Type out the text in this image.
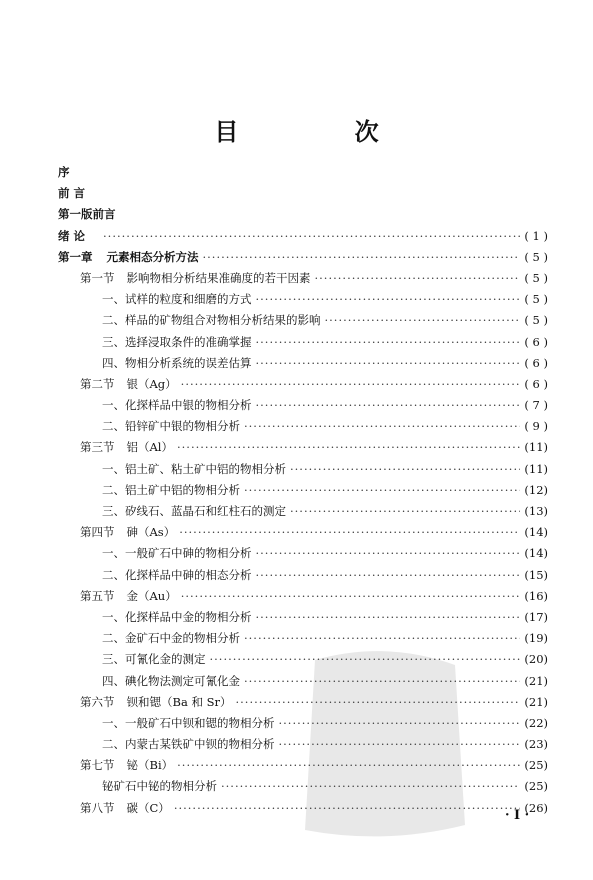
目 次
序
前 言
第一版前言
绪 论 ·····	( 1 )
第一章 元素相态分析方法 ·····	( 5 )
第一节 影响物相分析结果准确度的若干因素 ·····	( 5 )
一、试样的粒度和细磨的方式 ·····	( 5 )
二、样品的矿物组合对物相分析结果的影响 ·····	( 5 )
三、选择浸取条件的准确掌握 ·····	( 6 )
四、物相分析系统的误差估算 ·····	( 6 )
第二节 银（Ag） ·····	( 6 )
一、化探样品中银的物相分析 ·····	( 7 )
二、铅锌矿中银的物相分析 ·····	( 9 )
第三节 铝（Al） ·····	(11)
一、铝土矿、粘土矿中铝的物相分析 ·····	(11)
二、铝土矿中铝的物相分析 ·····	(12)
三、矽线石、蓝晶石和红柱石的测定 ·····	(13)
第四节 砷（As） ·····	(14)
一、一般矿石中砷的物相分析 ·····	(14)
二、化探样品中砷的相态分析 ·····	(15)
第五节 金（Au） ·····	(16)
一、化探样品中金的物相分析 ·····	(17)
二、金矿石中金的物相分析 ·····	(19)
三、可氰化金的测定 ·····	(20)
四、碘化物法测定可氰化金 ·····	(21)
第六节 钡和锶（Ba 和 Sr） ·····	(21)
一、一般矿石中钡和锶的物相分析 ·····	(22)
二、内蒙古某铁矿中钡的物相分析 ·····	(23)
第七节 铋（Bi） ·····	(25)
铋矿石中铋的物相分析 ·····	(25)
第八节 碳（C） ·····	(26)
· I ·
